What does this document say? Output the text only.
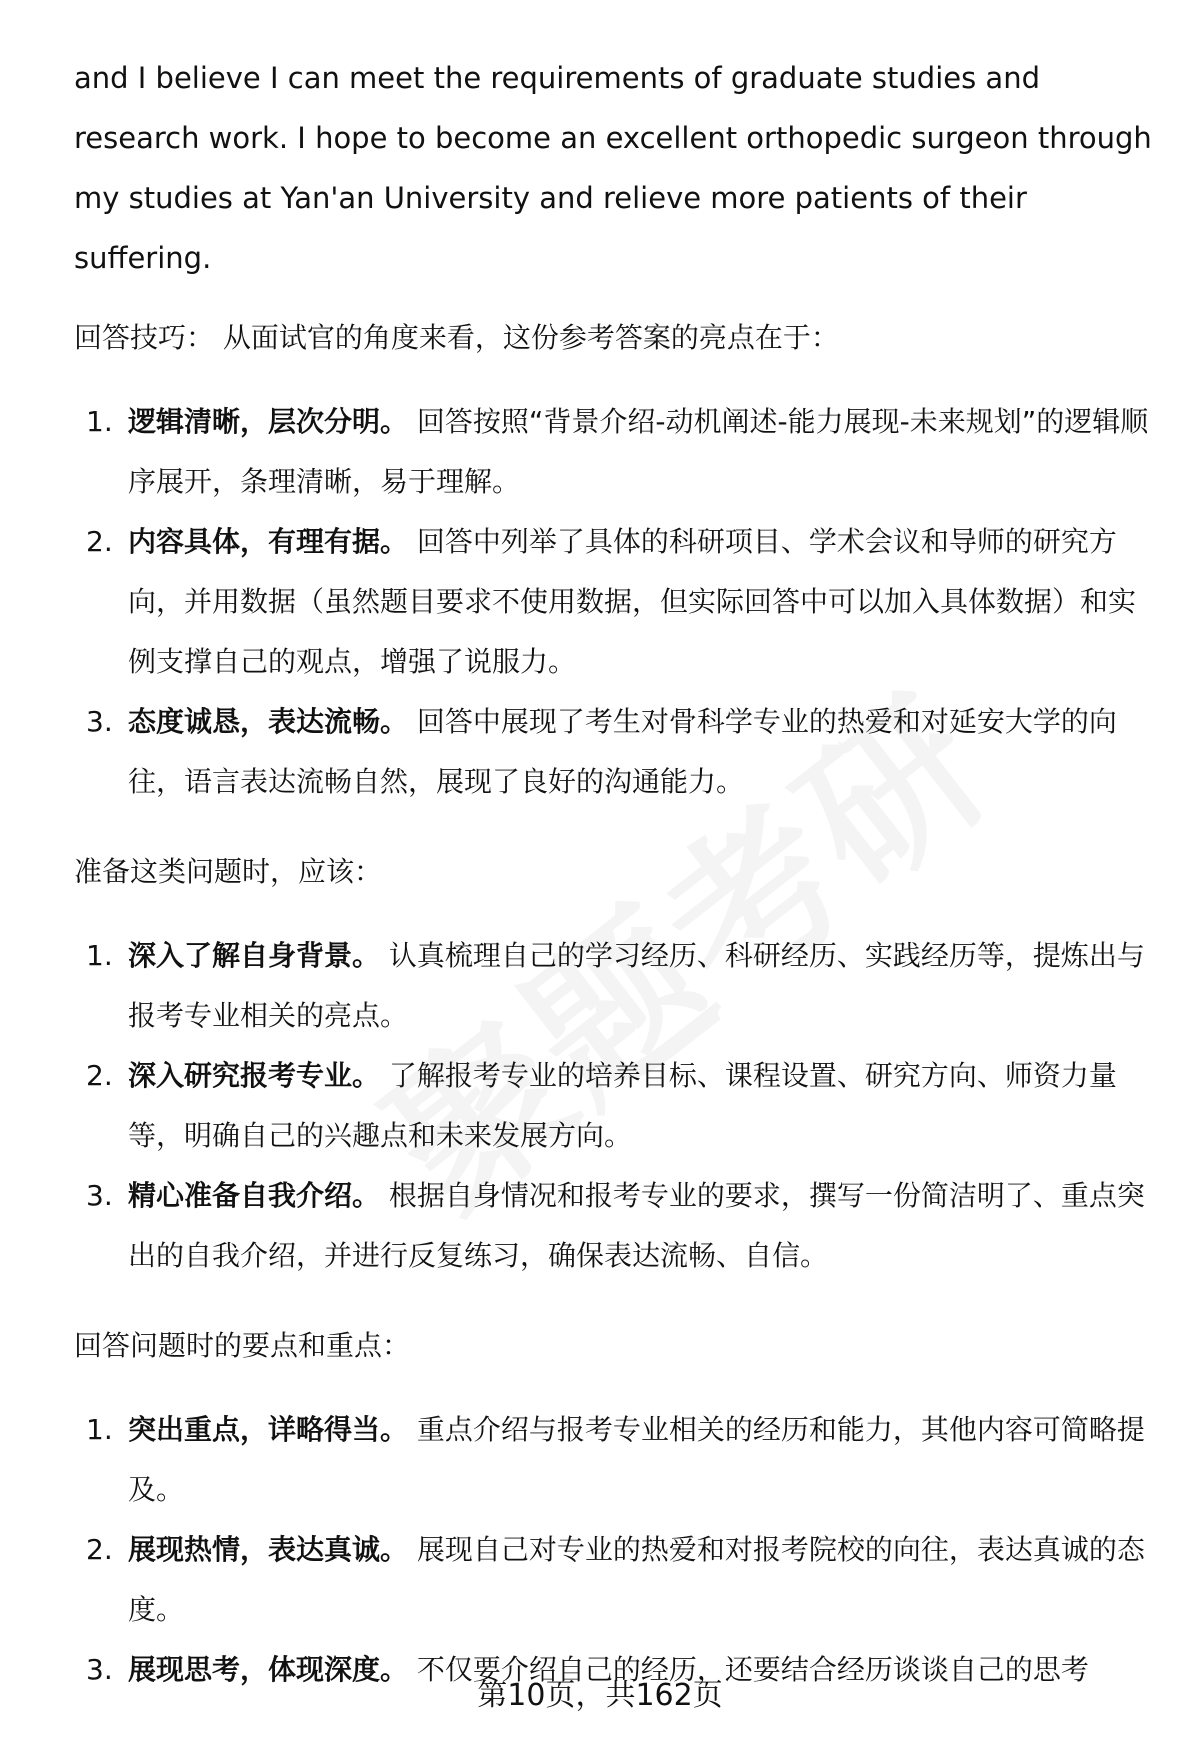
and I believe I can meet the requirements of graduate studies and research work. I hope to become an excellent orthopedic surgeon through my studies at Yan'an University and relieve more patients of their suffering.

回答技巧： 从面试官的角度来看，这份参考答案的亮点在于：

1. 逻辑清晰，层次分明。 回答按照“背景介绍-动机阐述-能力展现-未来规划”的逻辑顺序展开，条理清晰，易于理解。
2. 内容具体，有理有据。 回答中列举了具体的科研项目、学术会议和导师的研究方向，并用数据（虽然题目要求不使用数据，但实际回答中可以加入具体数据）和实例支撑自己的观点，增强了说服力。
3. 态度诚恳，表达流畅。 回答中展现了考生对骨科学专业的热爱和对延安大学的向往，语言表达流畅自然，展现了良好的沟通能力。

准备这类问题时，应该：

1. 深入了解自身背景。 认真梳理自己的学习经历、科研经历、实践经历等，提炼出与报考专业相关的亮点。
2. 深入研究报考专业。 了解报考专业的培养目标、课程设置、研究方向、师资力量等，明确自己的兴趣点和未来发展方向。
3. 精心准备自我介绍。 根据自身情况和报考专业的要求，撰写一份简洁明了、重点突出的自我介绍，并进行反复练习，确保表达流畅、自信。

回答问题时的要点和重点：

1. 突出重点，详略得当。 重点介绍与报考专业相关的经历和能力，其他内容可简略提及。
2. 展现热情，表达真诚。 展现自己对专业的热爱和对报考院校的向往，表达真诚的态度。
3. 展现思考，体现深度。 不仅要介绍自己的经历，还要结合经历谈谈自己的思考
第10页，共162页
